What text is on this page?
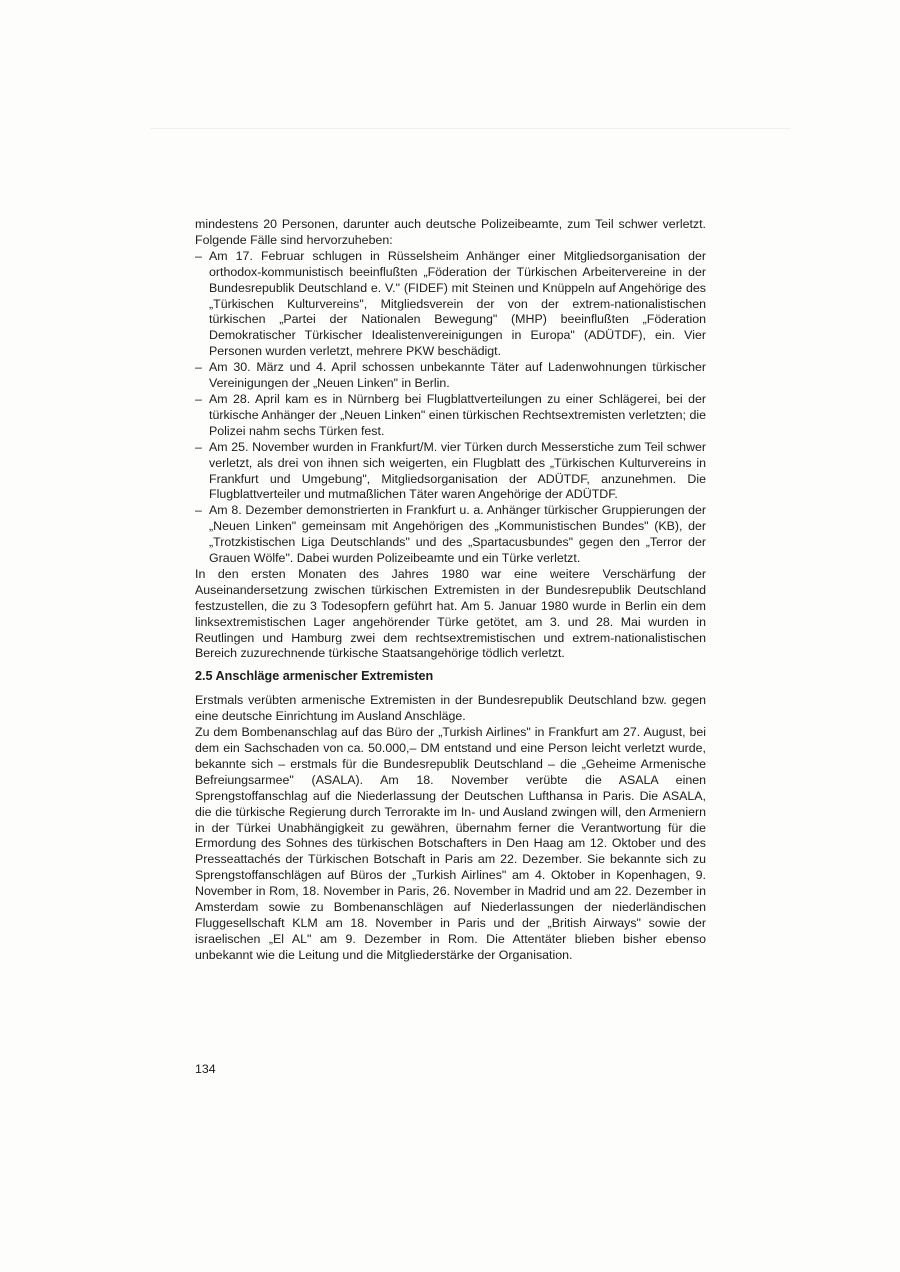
mindestens 20 Personen, darunter auch deutsche Polizeibeamte, zum Teil schwer verletzt. Folgende Fälle sind hervorzuheben:

– Am 17. Februar schlugen in Rüsselsheim Anhänger einer Mitgliedsorganisation der orthodox-kommunistisch beeinflußten „Föderation der Türkischen Arbeitervereine in der Bundesrepublik Deutschland e. V." (FIDEF) mit Steinen und Knüppeln auf Angehörige des „Türkischen Kulturvereins", Mitgliedsverein der von der extrem-nationalistischen türkischen „Partei der Nationalen Bewegung" (MHP) beeinflußten „Föderation Demokratischer Türkischer Idealistenvereinigungen in Europa" (ADÜTDF), ein. Vier Personen wurden verletzt, mehrere PKW beschädigt.
– Am 30. März und 4. April schossen unbekannte Täter auf Ladenwohnungen türkischer Vereinigungen der „Neuen Linken" in Berlin.
– Am 28. April kam es in Nürnberg bei Flugblattverteilungen zu einer Schlägerei, bei der türkische Anhänger der „Neuen Linken" einen türkischen Rechtsextremisten verletzten; die Polizei nahm sechs Türken fest.
– Am 25. November wurden in Frankfurt/M. vier Türken durch Messerstiche zum Teil schwer verletzt, als drei von ihnen sich weigerten, ein Flugblatt des „Türkischen Kulturvereins in Frankfurt und Umgebung", Mitgliedsorganisation der ADÜTDF, anzunehmen. Die Flugblattverteiler und mutmaßlichen Täter waren Angehörige der ADÜTDF.
– Am 8. Dezember demonstrierten in Frankfurt u. a. Anhänger türkischer Gruppierungen der „Neuen Linken" gemeinsam mit Angehörigen des „Kommunistischen Bundes" (KB), der „Trotzkistischen Liga Deutschlands" und des „Spartacusbundes" gegen den „Terror der Grauen Wölfe". Dabei wurden Polizeibeamte und ein Türke verletzt.

In den ersten Monaten des Jahres 1980 war eine weitere Verschärfung der Auseinandersetzung zwischen türkischen Extremisten in der Bundesrepublik Deutschland festzustellen, die zu 3 Todesopfern geführt hat. Am 5. Januar 1980 wurde in Berlin ein dem linksextremistischen Lager angehörender Türke getötet, am 3. und 28. Mai wurden in Reutlingen und Hamburg zwei dem rechtsextremistischen und extrem-nationalistischen Bereich zuzurechnende türkische Staatsangehörige tödlich verletzt.

2.5 Anschläge armenischer Extremisten

Erstmals verübten armenische Extremisten in der Bundesrepublik Deutschland bzw. gegen eine deutsche Einrichtung im Ausland Anschläge.

Zu dem Bombenanschlag auf das Büro der „Turkish Airlines" in Frankfurt am 27. August, bei dem ein Sachschaden von ca. 50.000,– DM entstand und eine Person leicht verletzt wurde, bekannte sich – erstmals für die Bundesrepublik Deutschland – die „Geheime Armenische Befreiungsarmee" (ASALA). Am 18. November verübte die ASALA einen Sprengstoffanschlag auf die Niederlassung der Deutschen Lufthansa in Paris. Die ASALA, die die türkische Regierung durch Terrorakte im In- und Ausland zwingen will, den Armeniern in der Türkei Unabhängigkeit zu gewähren, übernahm ferner die Verantwortung für die Ermordung des Sohnes des türkischen Botschafters in Den Haag am 12. Oktober und des Presseattachés der Türkischen Botschaft in Paris am 22. Dezember. Sie bekannte sich zu Sprengstoffanschlägen auf Büros der „Turkish Airlines" am 4. Oktober in Kopenhagen, 9. November in Rom, 18. November in Paris, 26. November in Madrid und am 22. Dezember in Amsterdam sowie zu Bombenanschlägen auf Niederlassungen der niederländischen Fluggesellschaft KLM am 18. November in Paris und der „British Airways" sowie der israelischen „El AL" am 9. Dezember in Rom. Die Attentäter blieben bisher ebenso unbekannt wie die Leitung und die Mitgliederstärke der Organisation.

134
